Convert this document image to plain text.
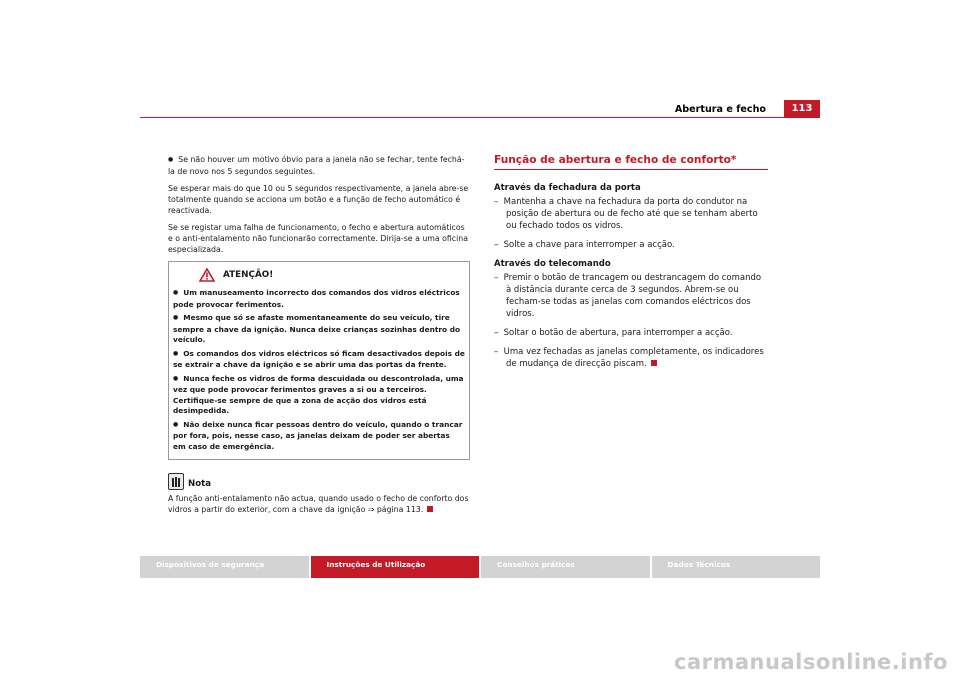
Abertura e fecho	113

● Se não houver um motivo óbvio para a janela não se fechar, tente fechá-la de novo nos 5 segundos seguintes.

Se esperar mais do que 10 ou 5 segundos respectivamente, a janela abre-se totalmente quando se acciona um botão e a função de fecho automático é reactivada.

Se se registar uma falha de funcionamento, o fecho e abertura automáticos e o anti-entalamento não funcionarão correctamente. Dirija-se a uma oficina especializada.

ATENÇÃO!
● Um manuseamento incorrecto dos comandos dos vidros eléctricos pode provocar ferimentos.
● Mesmo que só se afaste momentaneamente do seu veículo, tire sempre a chave da ignição. Nunca deixe crianças sozinhas dentro do veículo.
● Os comandos dos vidros eléctricos só ficam desactivados depois de se extrair a chave da ignição e se abrir uma das portas da frente.
● Nunca feche os vidros de forma descuidada ou descontrolada, uma vez que pode provocar ferimentos graves a si ou a terceiros. Certifique-se sempre de que a zona de acção dos vidros está desimpedida.
● Não deixe nunca ficar pessoas dentro do veículo, quando o trancar por fora, pois, nesse caso, as janelas deixam de poder ser abertas em caso de emergência.
Nota
A função anti-entalamento não actua, quando usado o fecho de conforto dos vidros a partir do exterior, com a chave da ignição ⇒ página 113.
Função de abertura e fecho de conforto*
Através da fechadura da porta
–  Mantenha a chave na fechadura da porta do condutor na posição de abertura ou de fecho até que se tenham aberto ou fechado todos os vidros.
–  Solte a chave para interromper a acção.
Através do telecomando
–  Premir o botão de trancagem ou destrancagem do comando à distância durante cerca de 3 segundos. Abrem-se ou fecham-se todas as janelas com comandos eléctricos dos vidros.
–  Soltar o botão de abertura, para interromper a acção.
–  Uma vez fechadas as janelas completamente, os indicadores de mudança de direcção piscam.
Dispositivos de segurança	Instruções de Utilização	Conselhos práticos	Dados Técnicos
carmanualsonline.info
